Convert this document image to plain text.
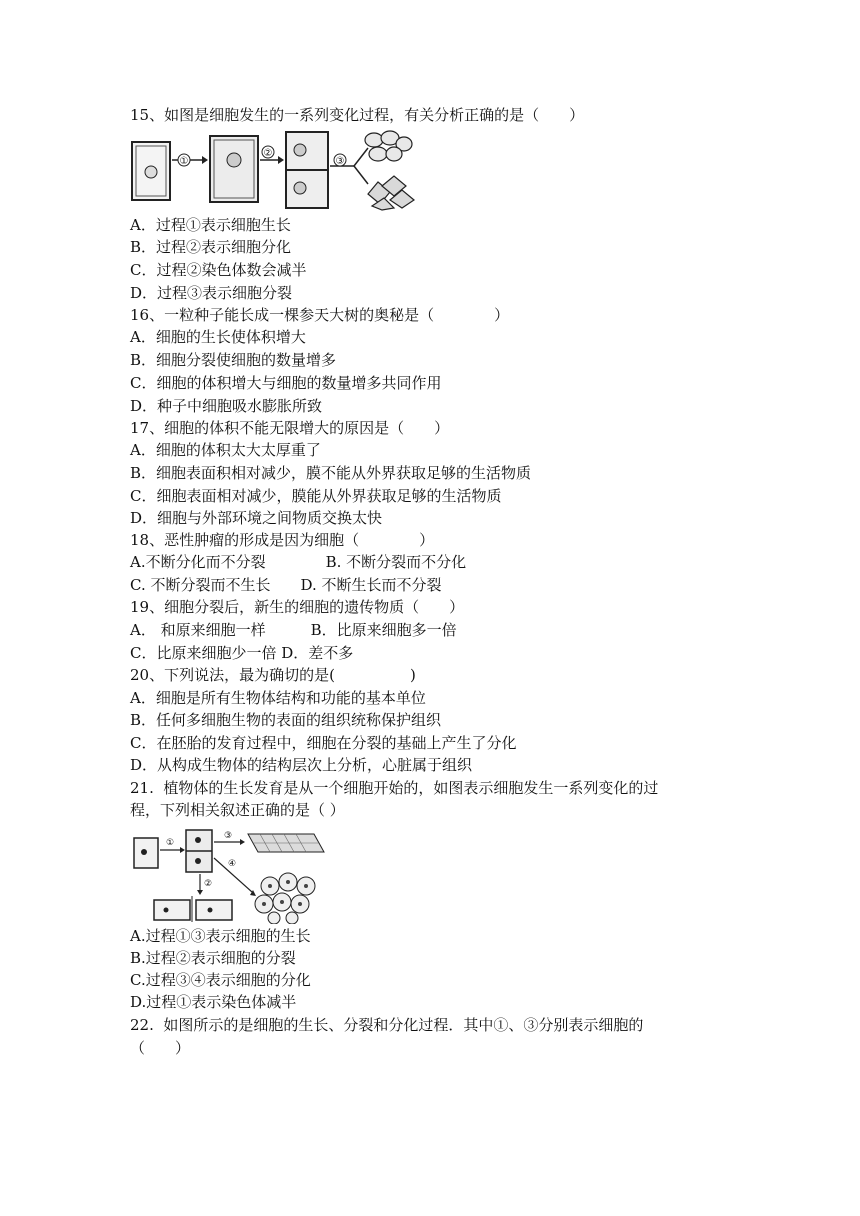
15、如图是细胞发生的一系列变化过程，有关分析正确的是（　　）
①
②
③
A．过程①表示细胞生长
B．过程②表示细胞分化
C．过程②染色体数会减半
D．过程③表示细胞分裂
16、一粒种子能长成一棵参天大树的奥秘是（　　　　）
A．细胞的生长使体积增大
B．细胞分裂使细胞的数量增多
C．细胞的体积增大与细胞的数量增多共同作用
D．种子中细胞吸水膨胀所致
17、细胞的体积不能无限增大的原因是（　　）
A．细胞的体积太大太厚重了
B．细胞表面积相对减少，膜不能从外界获取足够的生活物质
C．细胞表面相对减少，膜能从外界获取足够的生活物质
D．细胞与外部环境之间物质交换太快
18、恶性肿瘤的形成是因为细胞（　　　　）
A.不断分化而不分裂　　　　B. 不断分裂而不分化
C. 不断分裂而不生长　　D. 不断生长而不分裂
19、细胞分裂后，新生的细胞的遗传物质（　　）
A． 和原来细胞一样　　　B．比原来细胞多一倍
C．比原来细胞少一倍 D．差不多
20、下列说法，最为确切的是(　　　　　)
A．细胞是所有生物体结构和功能的基本单位
B．任何多细胞生物的表面的组织统称保护组织
C．在胚胎的发育过程中，细胞在分裂的基础上产生了分化
D．从构成生物体的结构层次上分析，心脏属于组织
21.  植物体的生长发育是从一个细胞开始的，如图表示细胞发生一系列变化的过
程，下列相关叙述正确的是（ ）
①
②
③
④
A.过程①③表示细胞的生长
B.过程②表示细胞的分裂
C.过程③④表示细胞的分化
D.过程①表示染色体减半
22.  如图所示的是细胞的生长、分裂和分化过程．其中①、③分别表示细胞的
（　　）
